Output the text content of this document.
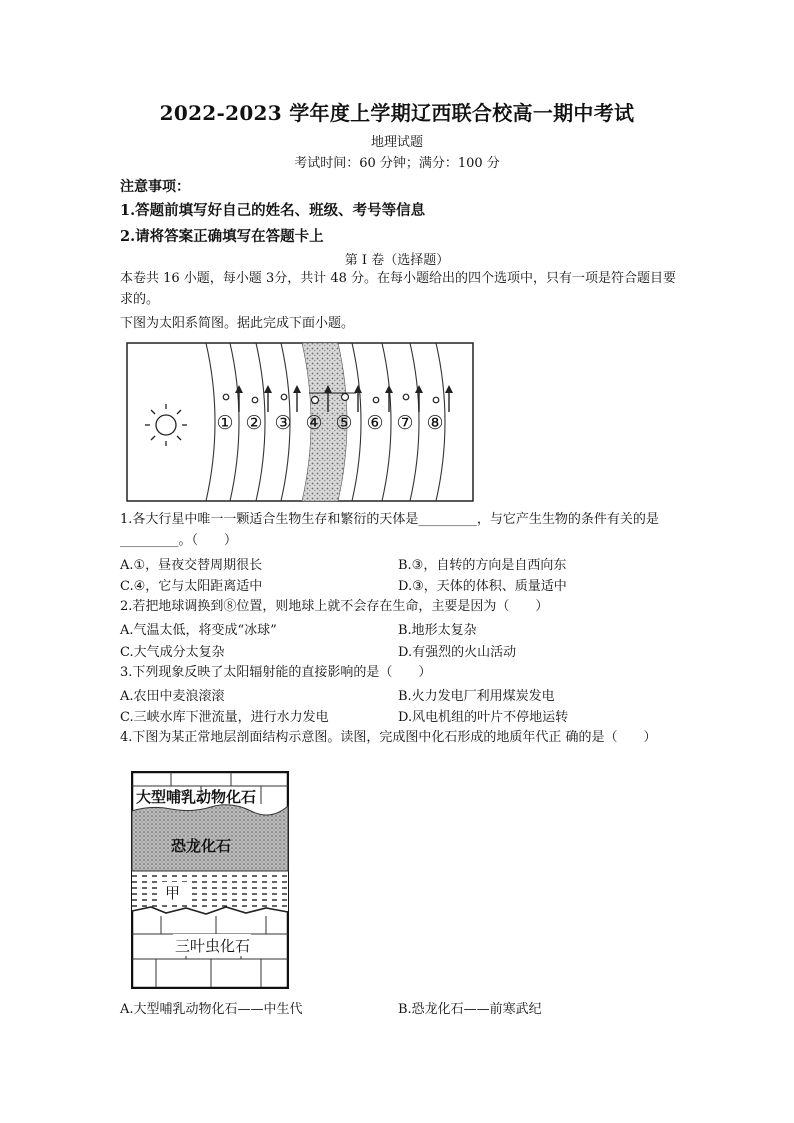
2022-2023 学年度上学期辽西联合校高一期中考试
地理试题
考试时间：60 分钟；满分：100 分
注意事项：
1.答题前填写好自己的姓名、班级、考号等信息
2.请将答案正确填写在答题卡上
第 I 卷（选择题）
本卷共 16 小题，每小题 3分，共计 48 分。在每小题给出的四个选项中，只有一项是符合题目要求的。
下图为太阳系简图。据此完成下面小题。
① ② ③ ④ ⑤ ⑥ ⑦ ⑧
1.各大行星中唯一一颗适合生物生存和繁衍的天体是_________，与它产生生物的条件有关的是_________。（　　）
A.①，昼夜交替周期很长	B.③，自转的方向是自西向东
C.④，它与太阳距离适中	D.③，天体的体积、质量适中
2.若把地球调换到⑧位置，则地球上就不会存在生命，主要是因为（　　）
A.气温太低，将变成“冰球”	B.地形太复杂
C.大气成分太复杂	D.有强烈的火山活动
3.下列现象反映了太阳辐射能的直接影响的是（　　）
A.农田中麦浪滚滚	B.火力发电厂利用煤炭发电
C.三峡水库下泄流量，进行水力发电	D.风电机组的叶片不停地运转
4.下图为某正常地层剖面结构示意图。读图，完成图中化石形成的地质年代正 确的是（　　）
大型哺乳动物化石
恐龙化石
甲
三叶虫化石
A.大型哺乳动物化石——中生代	B.恐龙化石——前寒武纪
